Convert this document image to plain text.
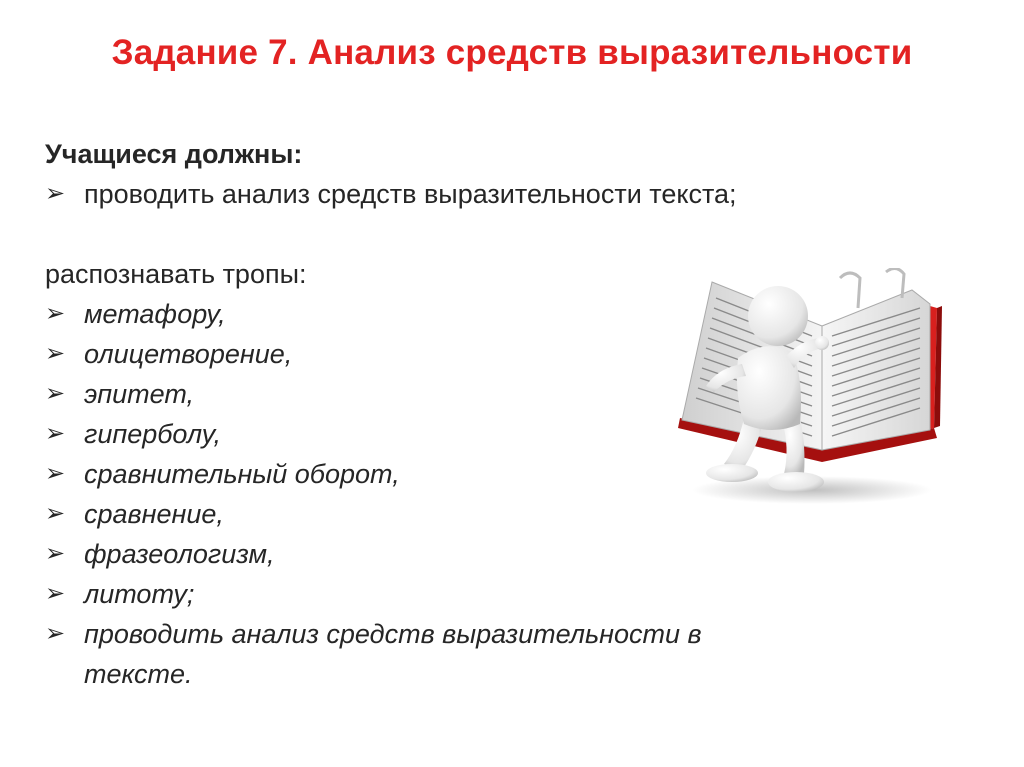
Задание 7. Анализ средств выразительности

Учащиеся должны:

➢ проводить анализ средств выразительности текста;

распознавать тропы:

➢ метафору,

➢ олицетворение,

➢ эпитет,

➢ гиперболу,

➢ сравнительный оборот,

➢ сравнение,

➢ фразеологизм,

➢ литоту;

➢ проводить анализ средств выразительности в

тексте.
